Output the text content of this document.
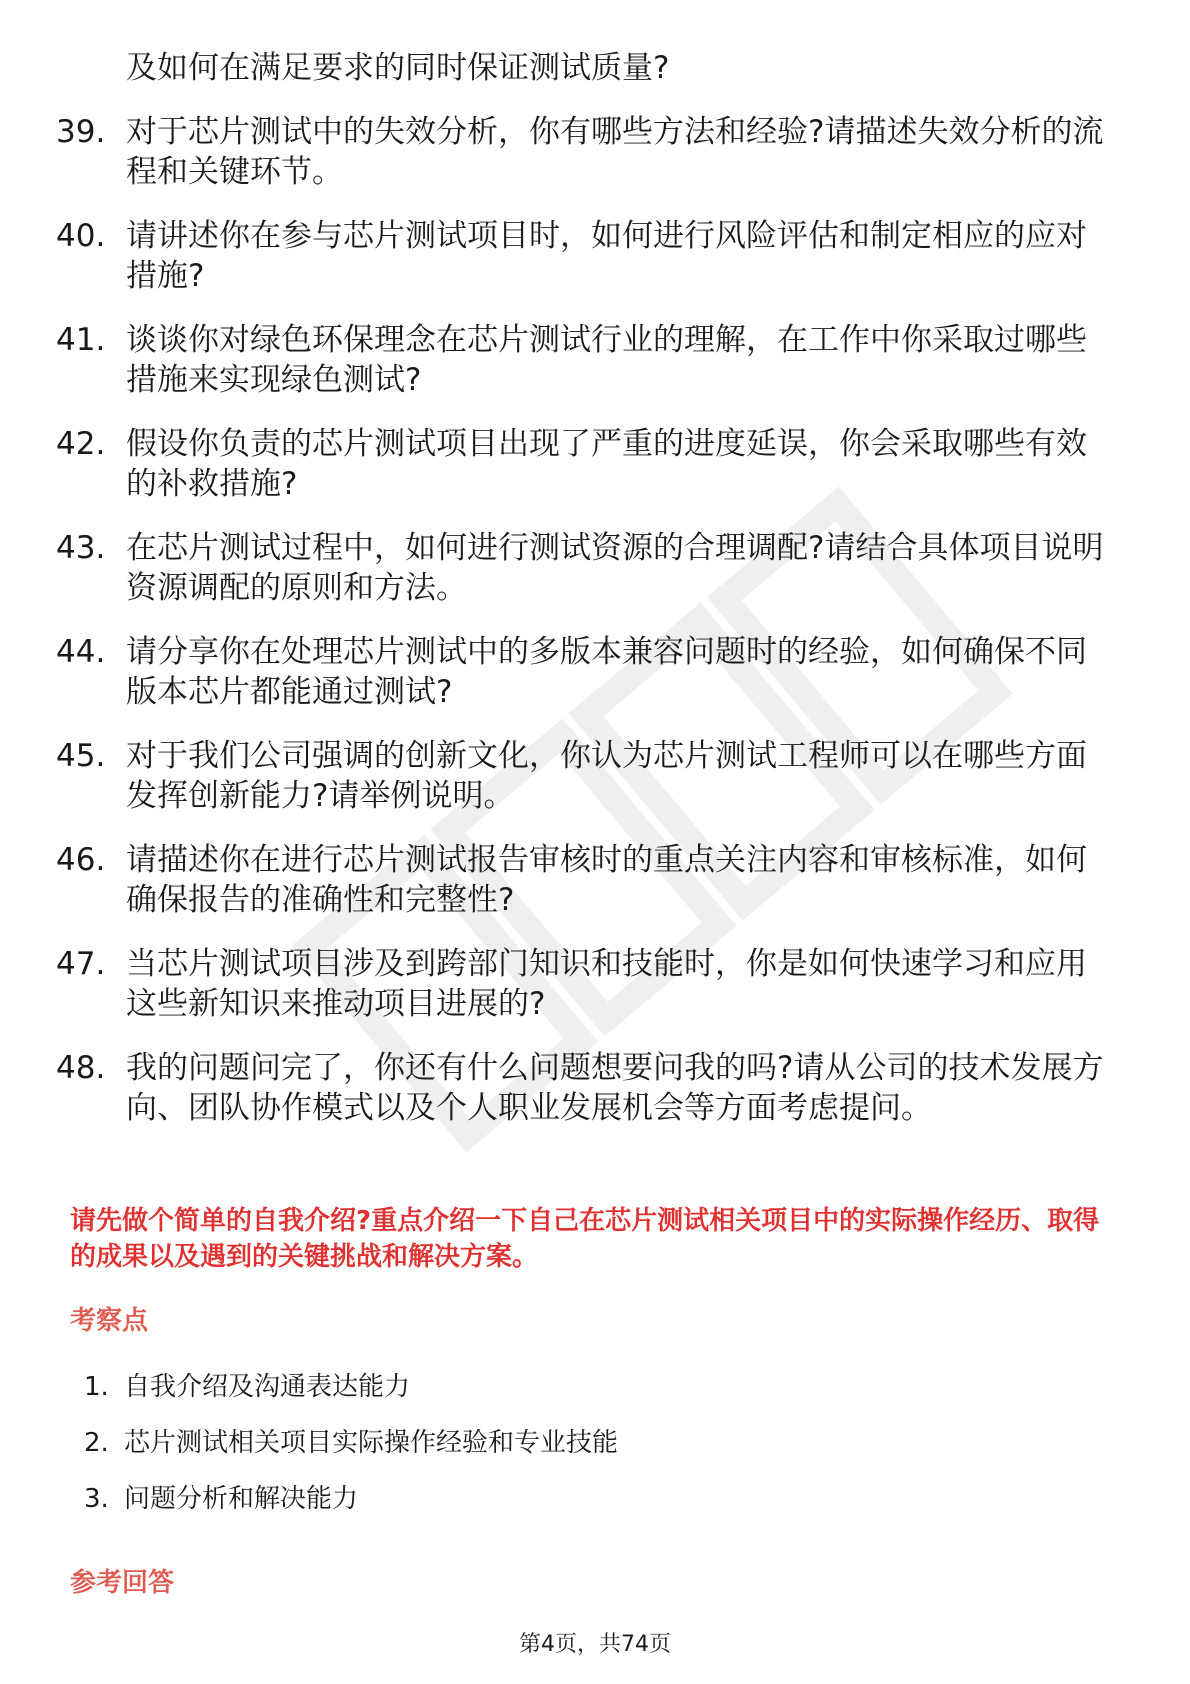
及如何在满足要求的同时保证测试质量?
39. 对于芯片测试中的失效分析，你有哪些方法和经验?请描述失效分析的流程和关键环节。
40. 请讲述你在参与芯片测试项目时，如何进行风险评估和制定相应的应对措施?
41. 谈谈你对绿色环保理念在芯片测试行业的理解，在工作中你采取过哪些措施来实现绿色测试?
42. 假设你负责的芯片测试项目出现了严重的进度延误，你会采取哪些有效的补救措施?
43. 在芯片测试过程中，如何进行测试资源的合理调配?请结合具体项目说明资源调配的原则和方法。
44. 请分享你在处理芯片测试中的多版本兼容问题时的经验，如何确保不同版本芯片都能通过测试?
45. 对于我们公司强调的创新文化，你认为芯片测试工程师可以在哪些方面发挥创新能力?请举例说明。
46. 请描述你在进行芯片测试报告审核时的重点关注内容和审核标准，如何确保报告的准确性和完整性?
47. 当芯片测试项目涉及到跨部门知识和技能时，你是如何快速学习和应用这些新知识来推动项目进展的?
48. 我的问题问完了，你还有什么问题想要问我的吗?请从公司的技术发展方向、团队协作模式以及个人职业发展机会等方面考虑提问。
请先做个简单的自我介绍?重点介绍一下自己在芯片测试相关项目中的实际操作经历、取得的成果以及遇到的关键挑战和解决方案。
考察点
1. 自我介绍及沟通表达能力
2. 芯片测试相关项目实际操作经验和专业技能
3. 问题分析和解决能力
参考回答
第4页，共74页
